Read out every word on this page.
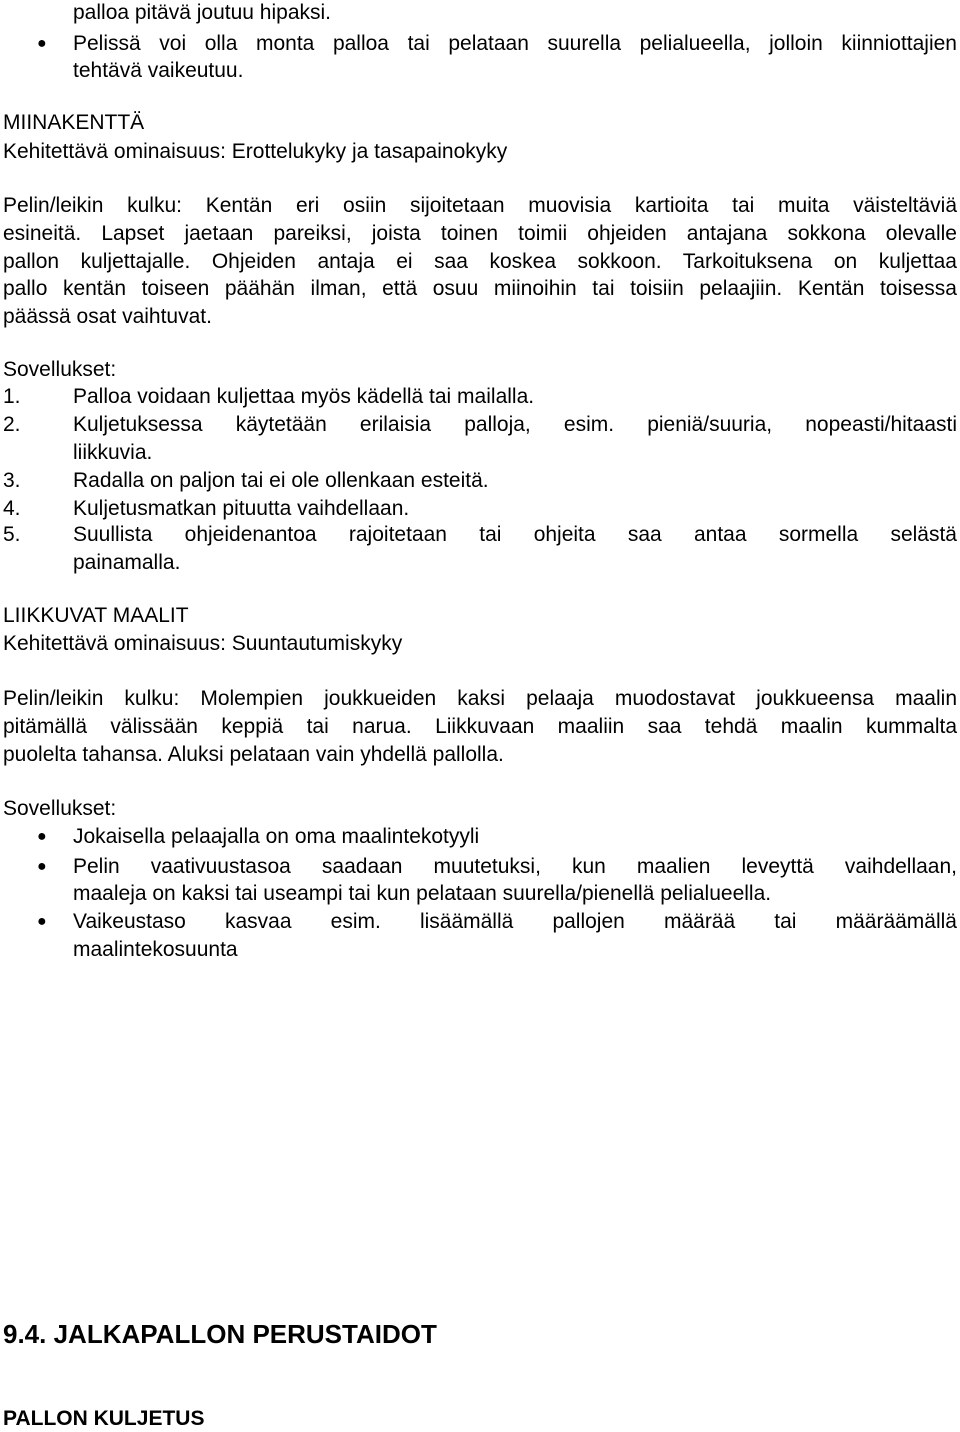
palloa pitävä joutuu hipaksi.
● Pelissä voi olla monta palloa tai pelataan suurella pelialueella, jolloin kiinniottajien
tehtävä vaikeutuu.
MIINAKENTTÄ
Kehitettävä ominaisuus: Erottelukyky ja tasapainokyky
Pelin/leikin kulku: Kentän eri osiin sijoitetaan muovisia kartioita tai muita väisteltäviä
esineitä. Lapset jaetaan pareiksi, joista toinen toimii ohjeiden antajana sokkona olevalle
pallon kuljettajalle. Ohjeiden antaja ei saa koskea sokkoon. Tarkoituksena on kuljettaa
pallo kentän toiseen päähän ilman, että osuu miinoihin tai toisiin pelaajiin. Kentän toisessa
päässä osat vaihtuvat.
Sovellukset:
1. Palloa voidaan kuljettaa myös kädellä tai mailalla.
2. Kuljetuksessa käytetään erilaisia palloja, esim. pieniä/suuria, nopeasti/hitaasti
liikkuvia.
3. Radalla on paljon tai ei ole ollenkaan esteitä.
4. Kuljetusmatkan pituutta vaihdellaan.
5. Suullista ohjeidenantoa rajoitetaan tai ohjeita saa antaa sormella selästä
painamalla.
LIIKKUVAT MAALIT
Kehitettävä ominaisuus: Suuntautumiskyky
Pelin/leikin kulku: Molempien joukkueiden kaksi pelaaja muodostavat joukkueensa maalin
pitämällä välissään keppiä tai narua. Liikkuvaan maaliin saa tehdä maalin kummalta
puolelta tahansa. Aluksi pelataan vain yhdellä pallolla.
Sovellukset:
● Jokaisella pelaajalla on oma maalintekotyyli
● Pelin vaativuustasoa saadaan muutetuksi, kun maalien leveyttä vaihdellaan,
maaleja on kaksi tai useampi tai kun pelataan suurella/pienellä pelialueella.
● Vaikeustaso kasvaa esim. lisäämällä pallojen määrää tai määräämällä
maalintekosuunta
9.4. JALKAPALLON PERUSTAIDOT
PALLON KULJETUS
